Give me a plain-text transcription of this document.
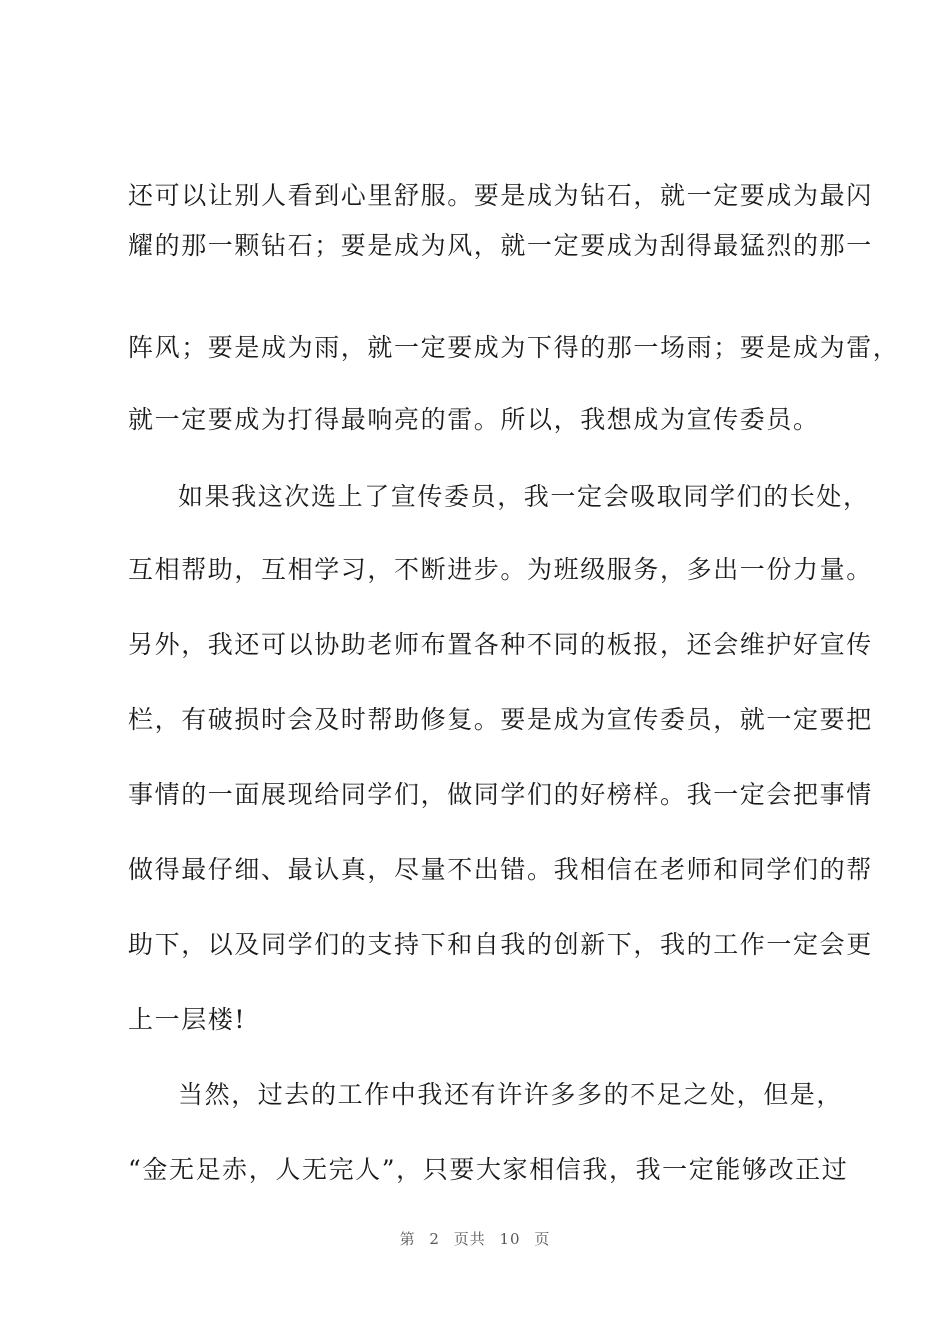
还可以让别人看到心里舒服。要是成为钻石，就一定要成为最闪
耀的那一颗钻石；要是成为风，就一定要成为刮得最猛烈的那一
阵风；要是成为雨，就一定要成为下得的那一场雨；要是成为雷，
就一定要成为打得最响亮的雷。所以，我想成为宣传委员。
如果我这次选上了宣传委员，我一定会吸取同学们的长处，
互相帮助，互相学习，不断进步。为班级服务，多出一份力量。
另外，我还可以协助老师布置各种不同的板报，还会维护好宣传
栏，有破损时会及时帮助修复。要是成为宣传委员，就一定要把
事情的一面展现给同学们，做同学们的好榜样。我一定会把事情
做得最仔细、最认真，尽量不出错。我相信在老师和同学们的帮
助下，以及同学们的支持下和自我的创新下，我的工作一定会更
上一层楼!
当然，过去的工作中我还有许许多多的不足之处，但是，
“金无足赤，人无完人”，只要大家相信我，我一定能够改正过
第 2 页共 10 页
